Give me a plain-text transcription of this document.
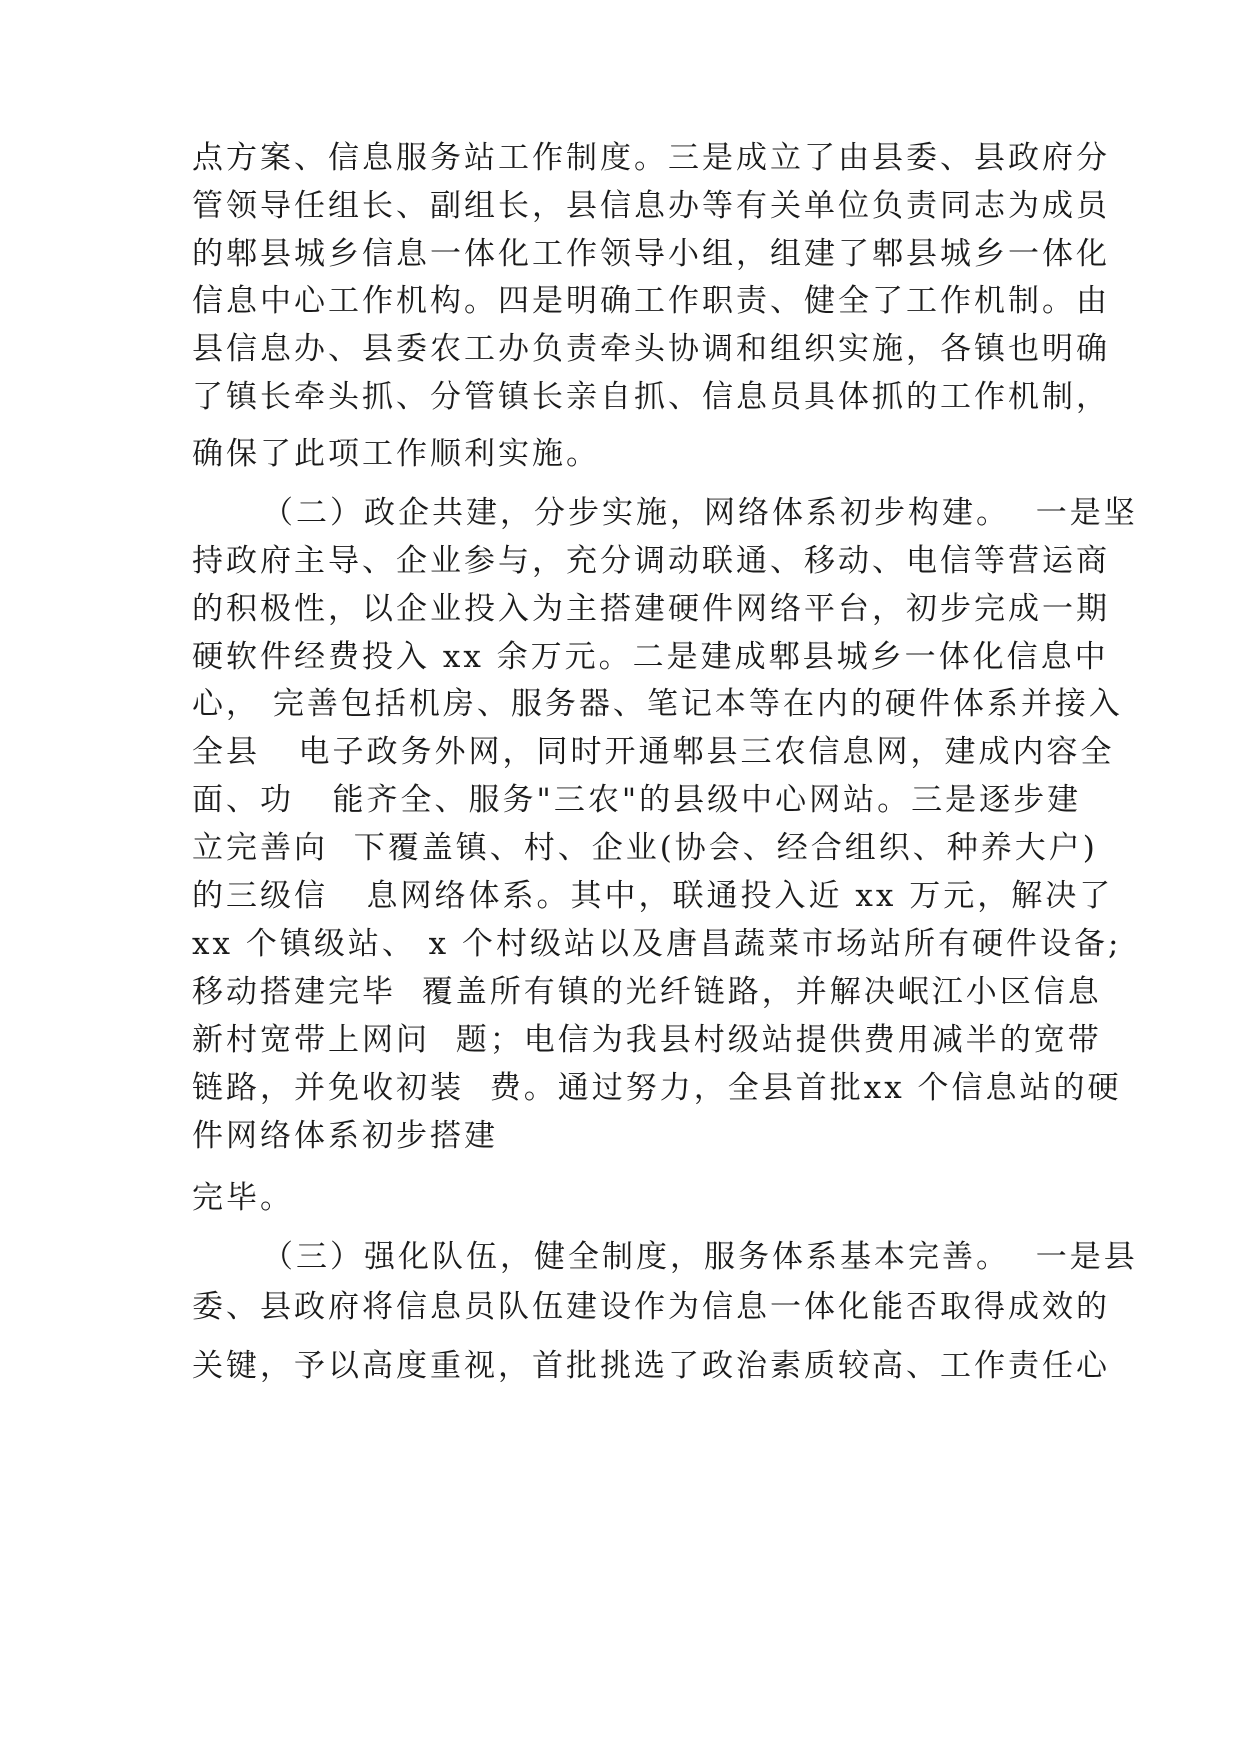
点方案、信息服务站工作制度。三是成立了由县委、县政府分
管领导任组长、副组长，县信息办等有关单位负责同志为成员
的郫县城乡信息一体化工作领导小组，组建了郫县城乡一体化
信息中心工作机构。四是明确工作职责、健全了工作机制。由
县信息办、县委农工办负责牵头协调和组织实施，各镇也明确
了镇长牵头抓、分管镇长亲自抓、信息员具体抓的工作机制，
确保了此项工作顺利实施。
（二）政企共建，分步实施，网络体系初步构建。  一是坚
持政府主导、企业参与，充分调动联通、移动、电信等营运商
的积极性，以企业投入为主搭建硬件网络平台，初步完成一期
硬软件经费投入 xx 余万元。二是建成郫县城乡一体化信息中
心， 完善包括机房、服务器、笔记本等在内的硬件体系并接入
全县   电子政务外网，同时开通郫县三农信息网，建成内容全
面、功   能齐全、服务"三农"的县级中心网站。三是逐步建
立完善向  下覆盖镇、村、企业(协会、经合组织、种养大户)
的三级信   息网络体系。其中，联通投入近 xx 万元，解决了
xx 个镇级站、 x 个村级站以及唐昌蔬菜市场站所有硬件设备;
移动搭建完毕  覆盖所有镇的光纤链路，并解决岷江小区信息
新村宽带上网问  题；电信为我县村级站提供费用减半的宽带
链路，并免收初装  费。通过努力，全县首批xx 个信息站的硬
件网络体系初步搭建
完毕。
（三）强化队伍，健全制度，服务体系基本完善。  一是县
委、县政府将信息员队伍建设作为信息一体化能否取得成效的
关键，予以高度重视，首批挑选了政治素质较高、工作责任心
